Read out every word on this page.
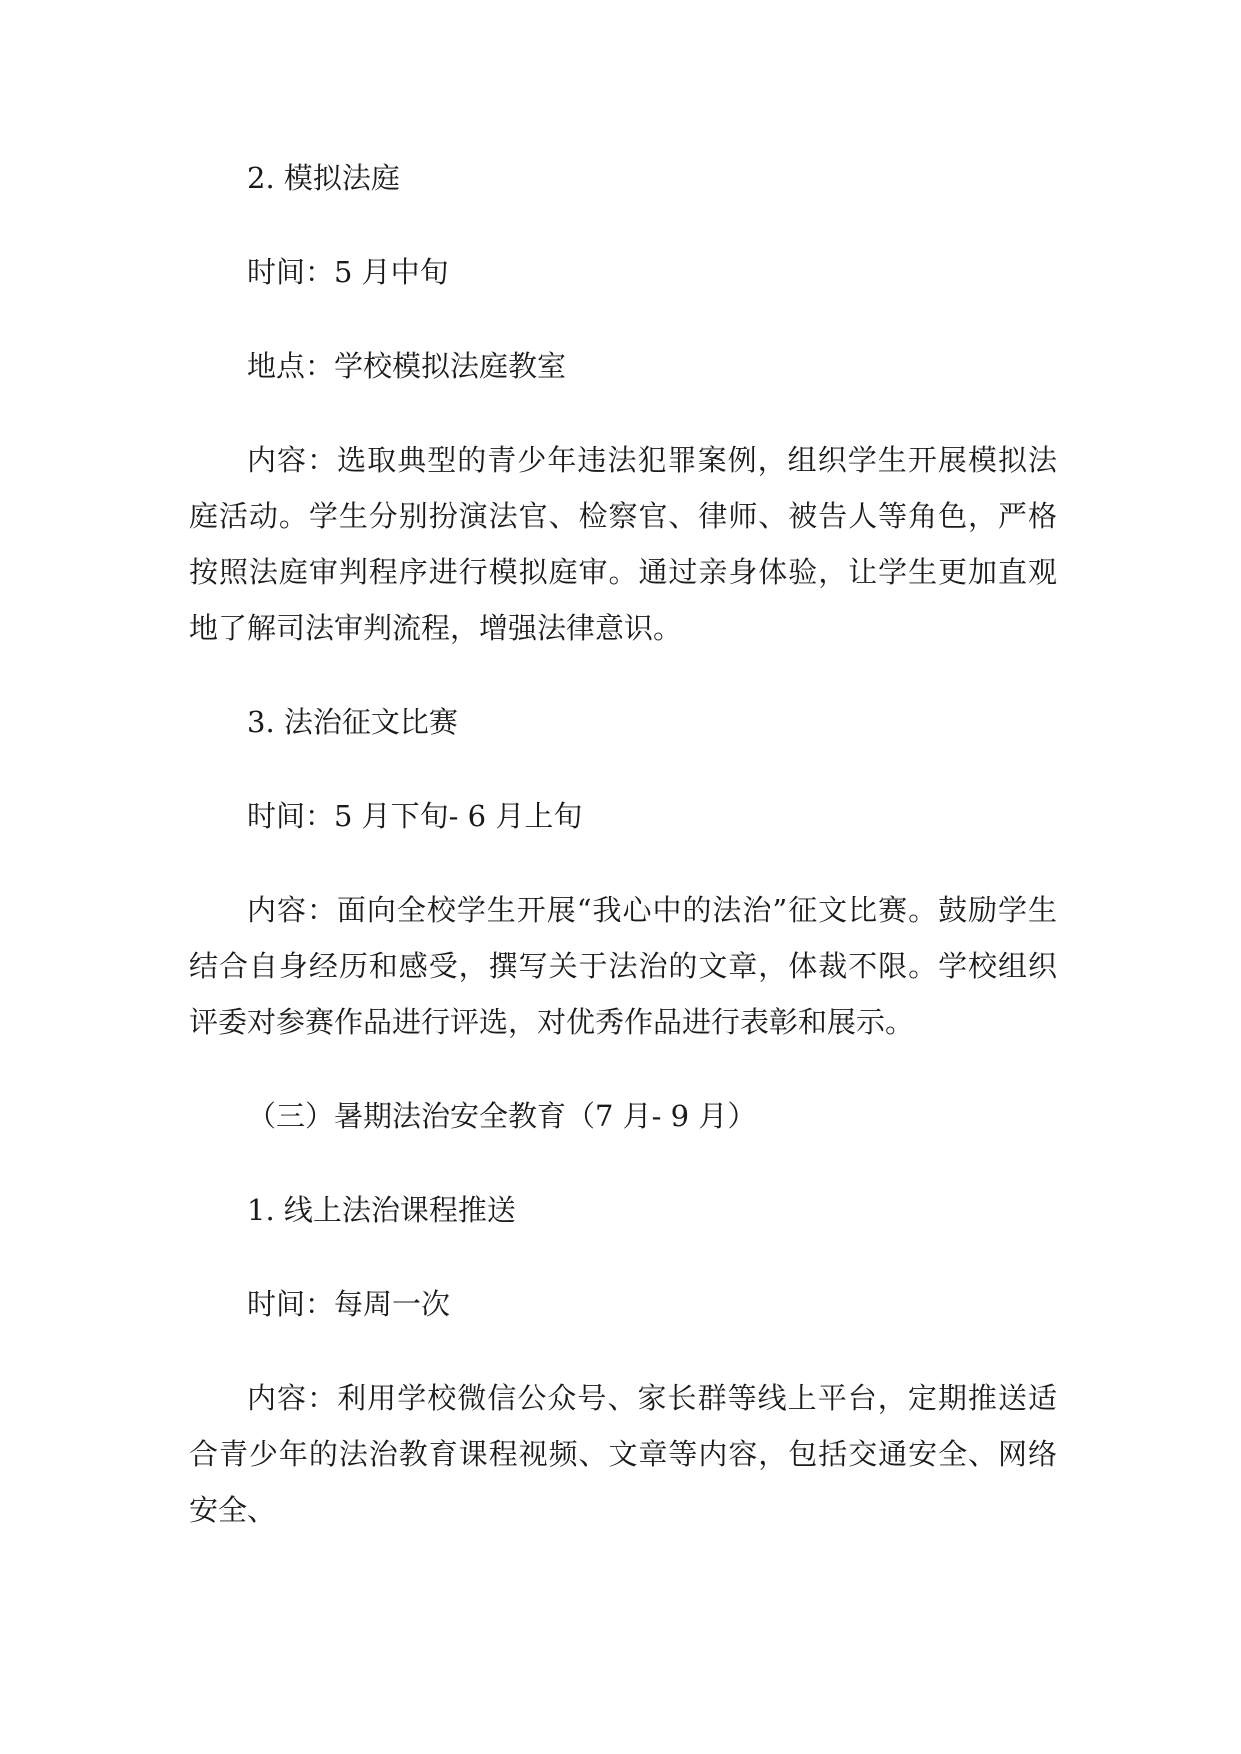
2. 模拟法庭

时间：5 月中旬

地点：学校模拟法庭教室

内容：选取典型的青少年违法犯罪案例，组织学生开展模拟法庭活动。学生分别扮演法官、检察官、律师、被告人等角色，严格按照法庭审判程序进行模拟庭审。通过亲身体验，让学生更加直观地了解司法审判流程，增强法律意识。

3. 法治征文比赛

时间：5 月下旬- 6 月上旬

内容：面向全校学生开展“我心中的法治”征文比赛。鼓励学生结合自身经历和感受，撰写关于法治的文章，体裁不限。学校组织评委对参赛作品进行评选，对优秀作品进行表彰和展示。

（三）暑期法治安全教育（7 月- 9 月）

1. 线上法治课程推送

时间：每周一次

内容：利用学校微信公众号、家长群等线上平台，定期推送适合青少年的法治教育课程视频、文章等内容，包括交通安全、网络安全、
